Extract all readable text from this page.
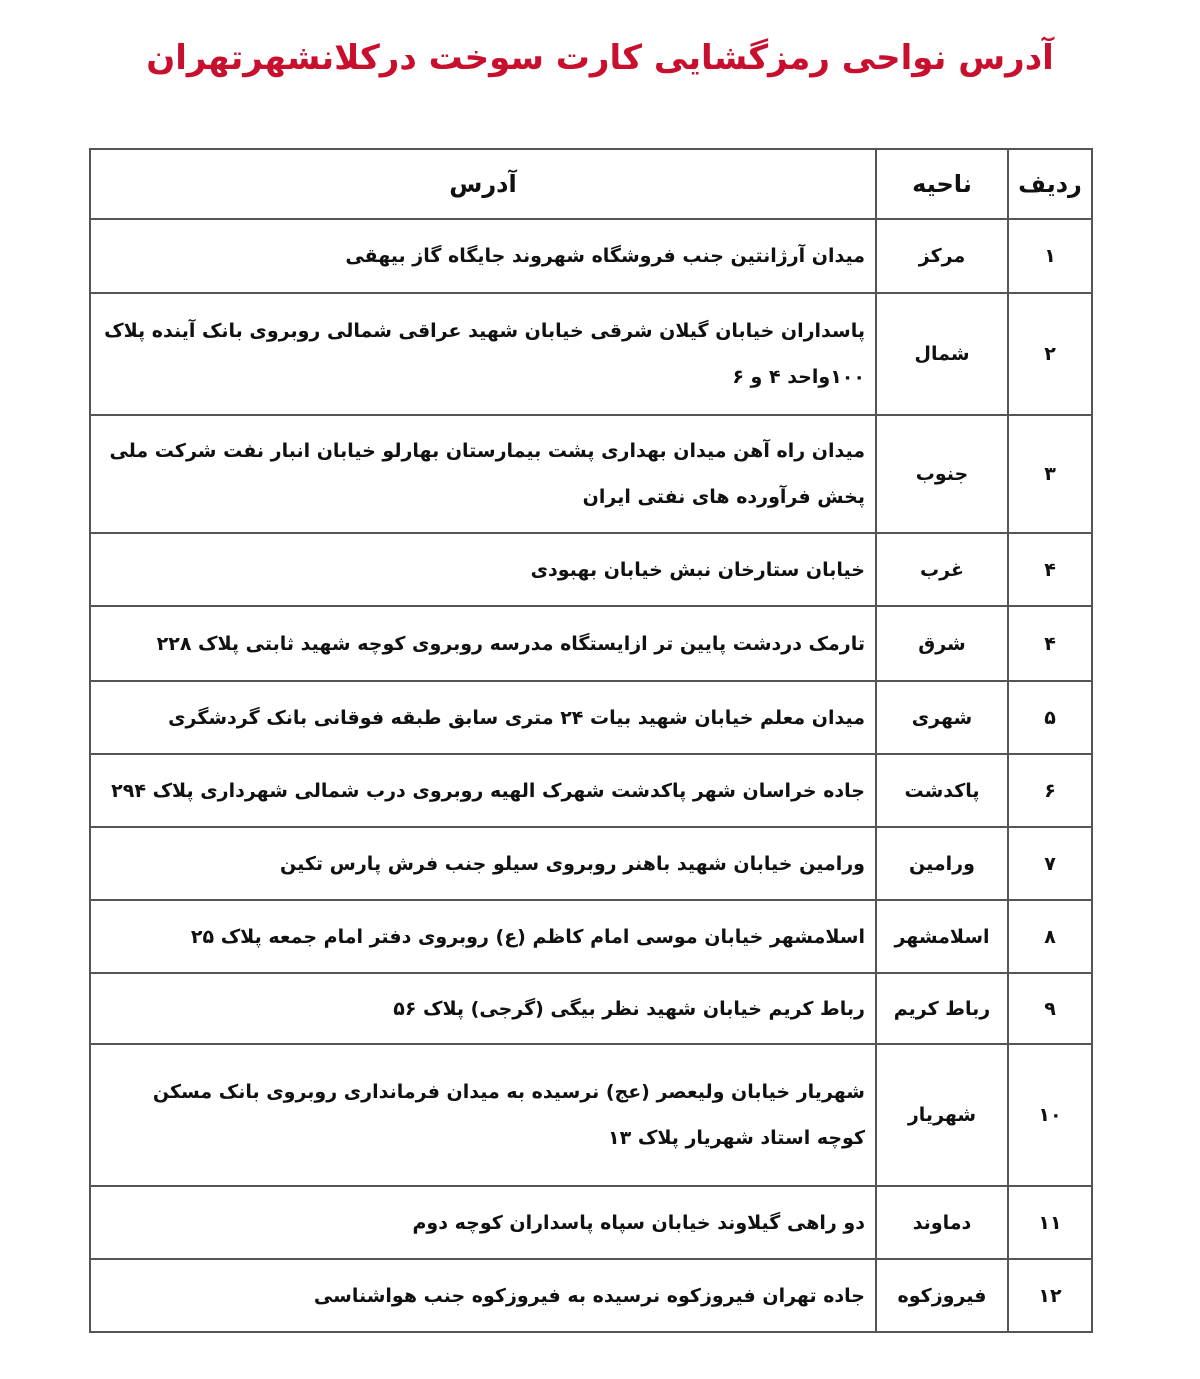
آدرس نواحی رمزگشایی کارت سوخت درکلانشهرتهران
ردیف	ناحیه	آدرس
۱	مرکز	میدان آرژانتین جنب فروشگاه شهروند جایگاه گاز بیهقی
۲	شمال	پاسداران خیابان گیلان شرقی خیابان شهید عراقی شمالی روبروی بانک آینده پلاک ۱۰۰واحد ۴ و ۶
۳	جنوب	میدان راه آهن میدان بهداری پشت بیمارستان بهارلو خیابان انبار نفت شرکت ملی پخش فرآورده های نفتی ایران
۴	غرب	خیابان ستارخان نبش خیابان بهبودی
۴	شرق	تارمک دردشت پایین تر ازایستگاه مدرسه روبروی کوچه شهید ثابتی پلاک ۲۲۸
۵	شهری	میدان معلم خیابان شهید بیات ۲۴ متری سابق طبقه فوقانی بانک گردشگری
۶	پاکدشت	جاده خراسان شهر پاکدشت شهرک الهیه روبروی درب شمالی شهرداری پلاک ۲۹۴
۷	ورامین	ورامین خیابان شهید باهنر روبروی سیلو جنب فرش پارس تکین
۸	اسلامشهر	اسلامشهر خیابان موسی امام کاظم (ع) روبروی دفتر امام جمعه پلاک ۲۵
۹	رباط کریم	رباط کریم خیابان شهید نظر بیگی (گرجی) پلاک ۵۶
۱۰	شهریار	شهریار خیابان ولیعصر (عج) نرسیده به میدان فرمانداری روبروی بانک مسکن کوچه استاد شهریار پلاک ۱۳
۱۱	دماوند	دو راهی گیلاوند خیابان سپاه پاسداران کوچه دوم
۱۲	فیروزکوه	جاده تهران فیروزکوه نرسیده به فیروزکوه جنب هواشناسی
